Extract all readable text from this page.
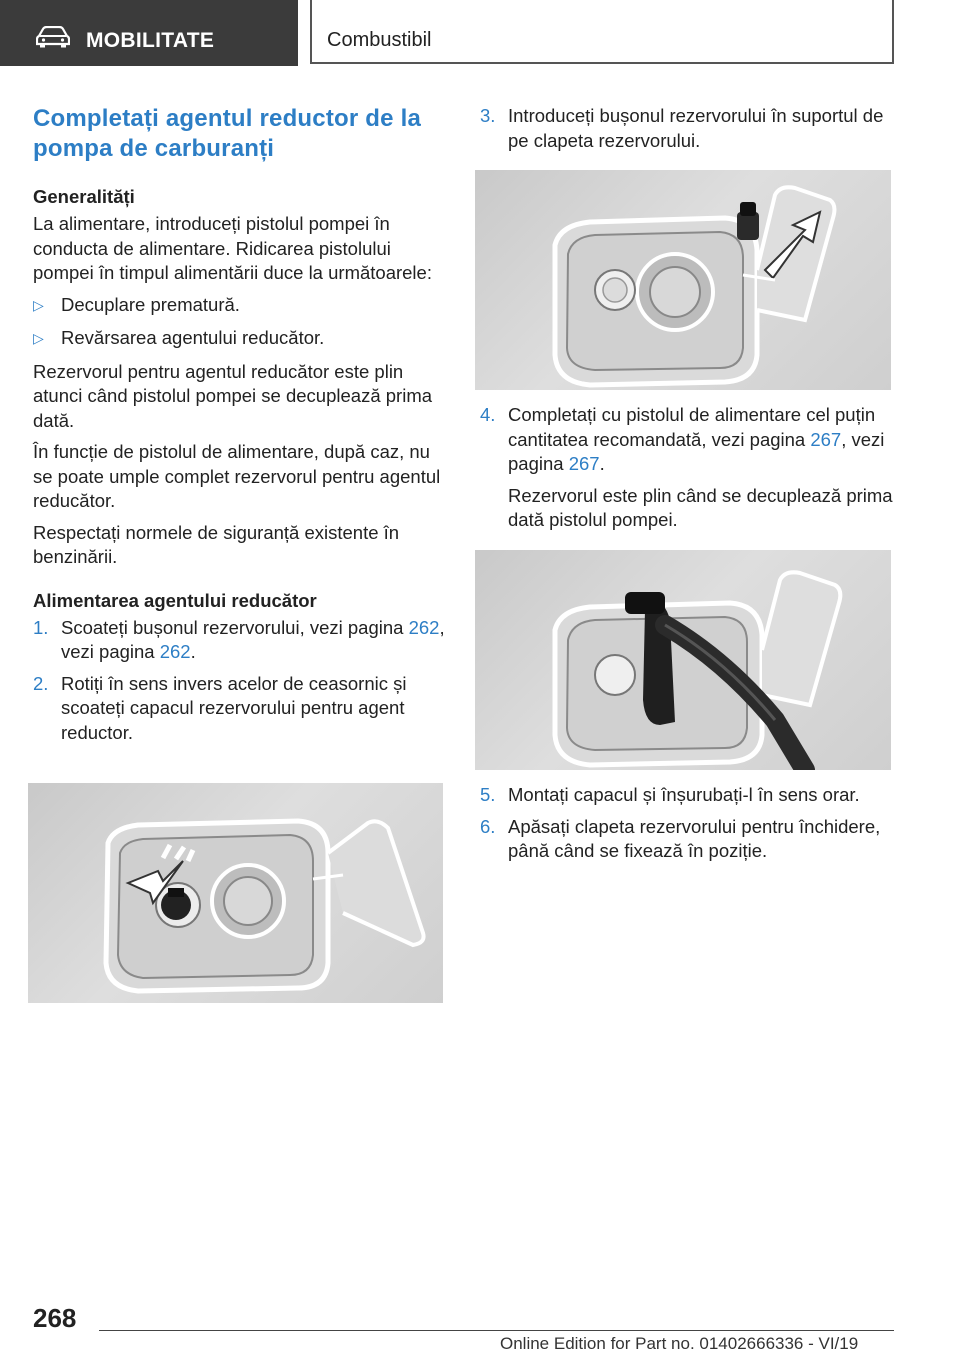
MOBILITATE	Combustibil
Completați agentul reductor de la pompa de carburanți
Generalități

La alimentare, introduceți pistolul pompei în conducta de alimentare. Ridicarea pistolului pompei în timpul alimentării duce la următoarele:

▷ Decuplare prematură.
▷ Revărsarea agentului reducător.

Rezervorul pentru agentul reducător este plin atunci când pistolul pompei se decuplează prima dată.

În funcție de pistolul de alimentare, după caz, nu se poate umple complet rezervorul pentru agentul reducător.

Respectați normele de siguranță existente în benzinării.

Alimentarea agentului reducător
1. Scoateți bușonul rezervorului, vezi pagina 262, vezi pagina 262.
2. Rotiți în sens invers acelor de ceasornic și scoateți capacul rezervorului pentru agent reductor.
3. Introduceți bușonul rezervorului în suportul de pe clapeta rezervorului.
4. Completați cu pistolul de alimentare cel puțin cantitatea recomandată, vezi pagina 267, vezi pagina 267.
Rezervorul este plin când se decuplează prima dată pistolul pompei.
5. Montați capacul și înșurubați-l în sens orar.
6. Apăsați clapeta rezervorului pentru închidere, până când se fixează în poziție.
268
Online Edition for Part no. 01402666336 - VI/19
